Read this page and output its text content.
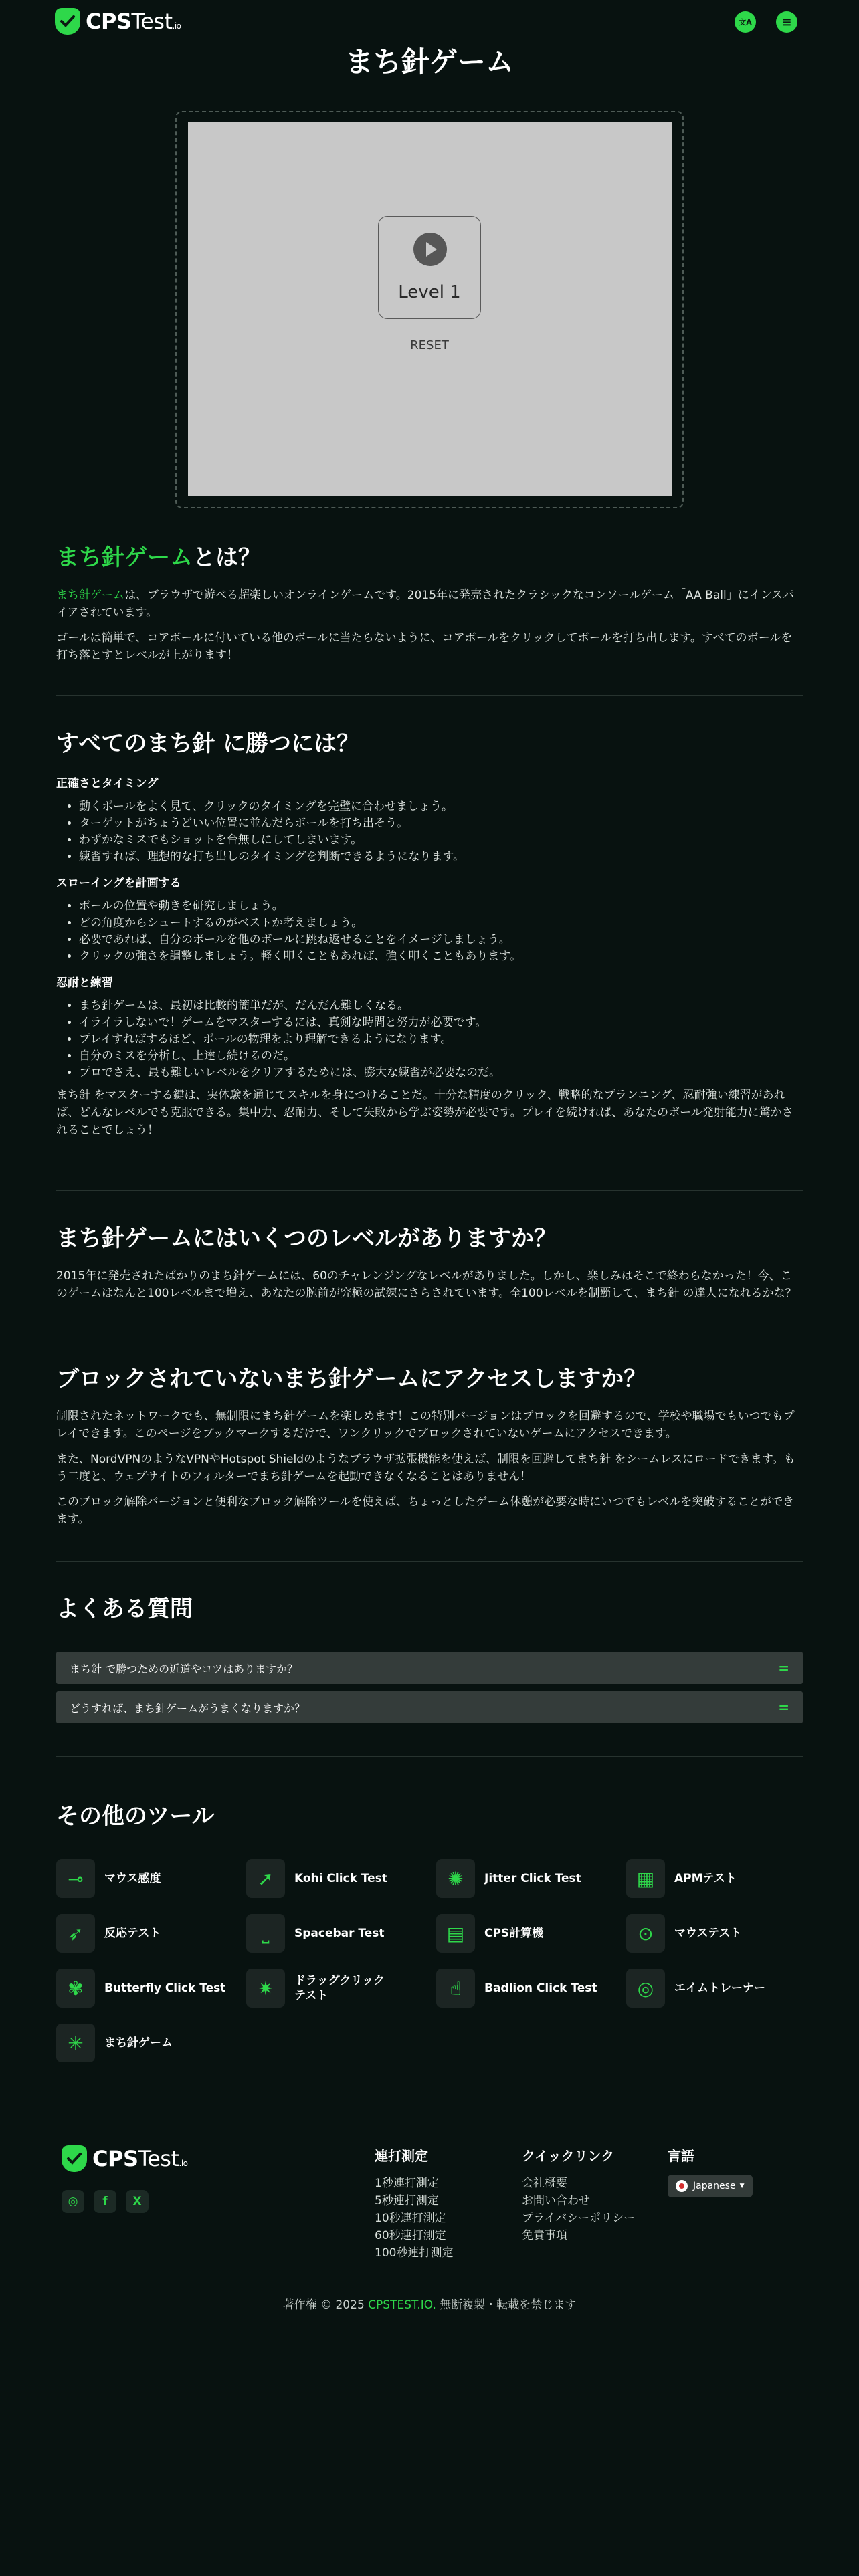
CPSTest.io	文A ≡
まち針ゲーム
Level 1
RESET
まち針ゲームとは？

まち針ゲームは、ブラウザで遊べる超楽しいオンラインゲームです。2015年に発売されたクラシックなコンソールゲーム「AA Ball」にインスパイアされています。

ゴールは簡単で、コアボールに付いている他のボールに当たらないように、コアボールをクリックしてボールを打ち出します。すべてのボールを打ち落とすとレベルが上がります！

すべてのまち針 に勝つには？
正確さとタイミング
• 動くボールをよく見て、クリックのタイミングを完璧に合わせましょう。
• ターゲットがちょうどいい位置に並んだらボールを打ち出そう。
• わずかなミスでもショットを台無しにしてしまいます。
• 練習すれば、理想的な打ち出しのタイミングを判断できるようになります。
スローイングを計画する
• ボールの位置や動きを研究しましょう。
• どの角度からシュートするのがベストか考えましょう。
• 必要であれば、自分のボールを他のボールに跳ね返せることをイメージしましょう。
• クリックの強さを調整しましょう。軽く叩くこともあれば、強く叩くこともあります。
忍耐と練習
• まち針ゲームは、最初は比較的簡単だが、だんだん難しくなる。
• イライラしないで！ゲームをマスターするには、真剣な時間と努力が必要です。
• プレイすればするほど、ボールの物理をより理解できるようになります。
• 自分のミスを分析し、上達し続けるのだ。
• プロでさえ、最も難しいレベルをクリアするためには、膨大な練習が必要なのだ。

まち針 をマスターする鍵は、実体験を通じてスキルを身につけることだ。十分な精度のクリック、戦略的なプランニング、忍耐強い練習があれば、どんなレベルでも克服できる。集中力、忍耐力、そして失敗から学ぶ姿勢が必要です。プレイを続ければ、あなたのボール発射能力に驚かされることでしょう！

まち針ゲームにはいくつのレベルがありますか？

2015年に発売されたばかりのまち針ゲームには、60のチャレンジングなレベルがありました。しかし、楽しみはそこで終わらなかった！今、このゲームはなんと100レベルまで増え、あなたの腕前が究極の試練にさらされています。全100レベルを制覇して、まち針 の達人になれるかな？

ブロックされていないまち針ゲームにアクセスしますか？

制限されたネットワークでも、無制限にまち針ゲームを楽しめます！この特別バージョンはブロックを回避するので、学校や職場でもいつでもプレイできます。このページをブックマークするだけで、ワンクリックでブロックされていないゲームにアクセスできます。

また、NordVPNのようなVPNやHotspot Shieldのようなブラウザ拡張機能を使えば、制限を回避してまち針 をシームレスにロードできます。もう二度と、ウェブサイトのフィルターでまち針ゲームを起動できなくなることはありません！

このブロック解除バージョンと便利なブロック解除ツールを使えば、ちょっとしたゲーム休憩が必要な時にいつでもレベルを突破することができます。

よくある質問
まち針 で勝つための近道やコツはありますか？	=
どうすれば、まち針ゲームがうまくなりますか？	=
その他のツール
⊸ マウス感度	➚ Kohi Click Test	✺ Jitter Click Test	▦ APMテスト
➶ 反応テスト	⎵ Spacebar Test	▤ CPS計算機	⊙ マウステスト
✾ Butterfly Click Test	✷ ドラッグクリックテスト	☝ Badlion Click Test	◎ エイムトレーナー
✳ まち針ゲーム
CPSTest.io
◎ f X
連打測定
1秒連打測定
5秒連打測定
10秒連打測定
60秒連打測定
100秒連打測定
クイックリンク
会社概要
お問い合わせ
プライバシーポリシー
免責事項
言語
Japanese ▼
著作権 © 2025 CPSTEST.IO. 無断複製・転載を禁じます
